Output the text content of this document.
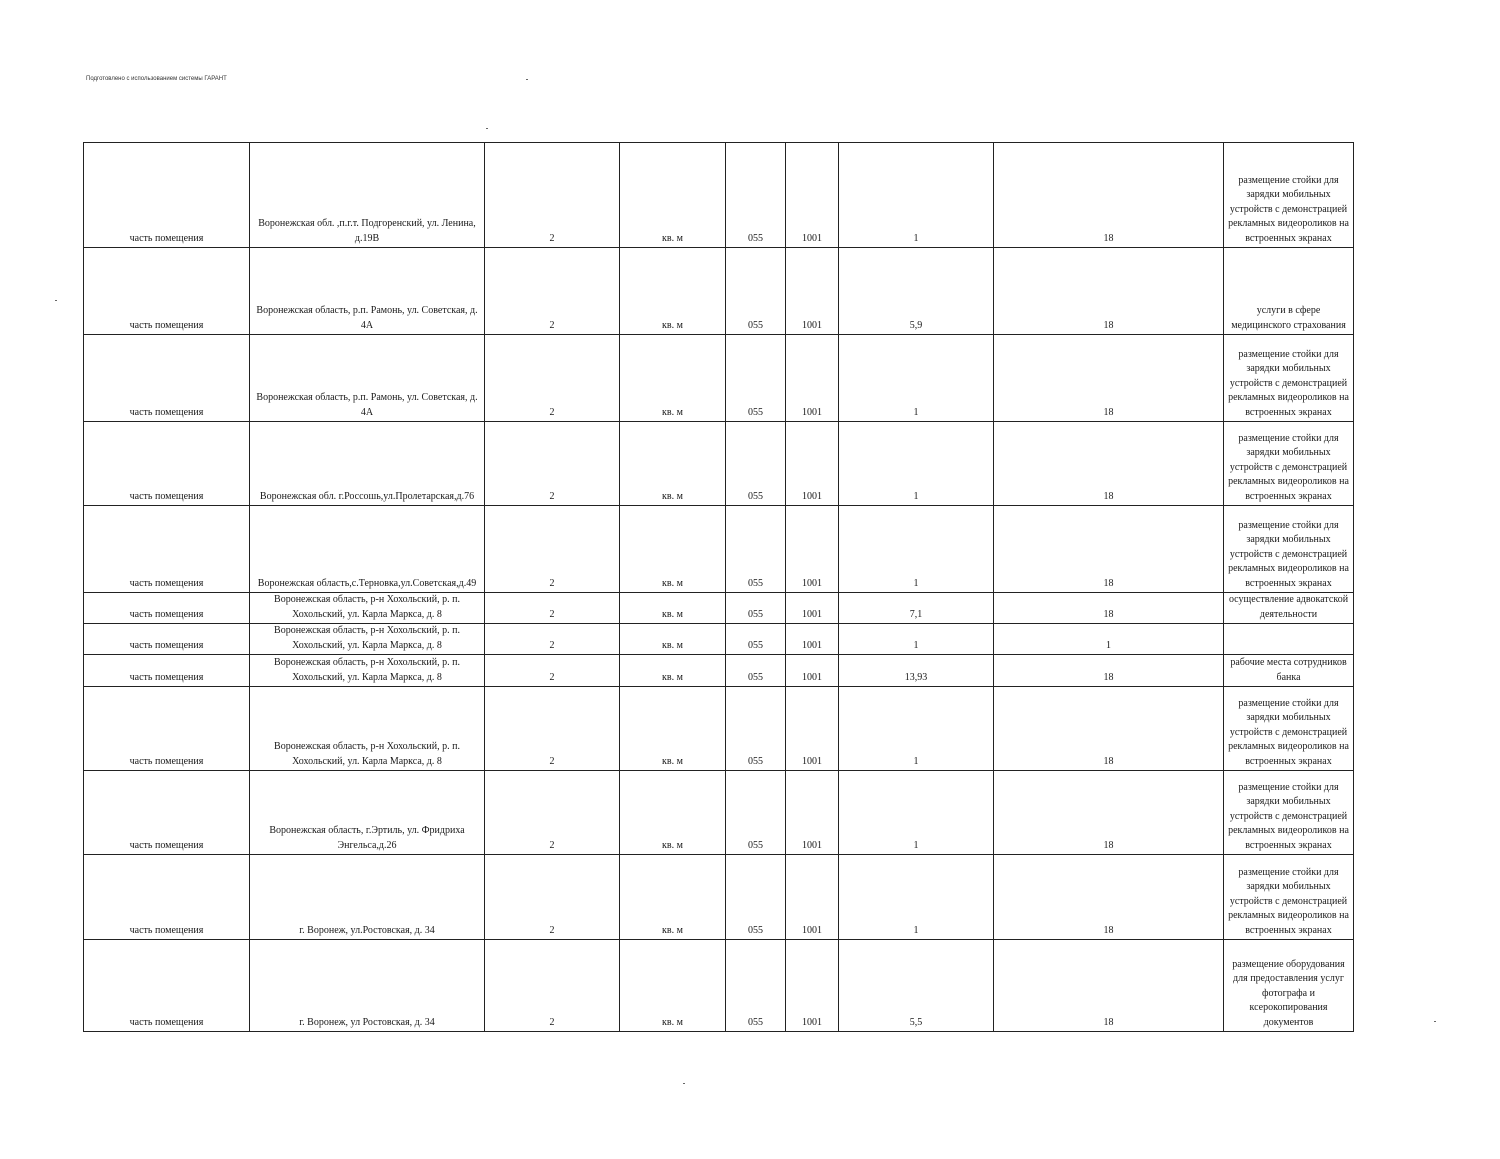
Подготовлено с использованием системы ГАРАНТ
часть помещения	Воронежская обл. ,п.г.т. Подгоренский, ул. Ленина, д.19В	2	кв. м	055	1001	1	18	размещение стойки для зарядки мобильных устройств с демонстрацией рекламных видеороликов на встроенных экранах
часть помещения	Воронежская область, р.п. Рамонь, ул. Советская, д. 4А	2	кв. м	055	1001	5,9	18	услуги в сфере медицинского страхования
часть помещения	Воронежская область, р.п. Рамонь, ул. Советская, д. 4А	2	кв. м	055	1001	1	18	размещение стойки для зарядки мобильных устройств с демонстрацией рекламных видеороликов на встроенных экранах
часть помещения	Воронежская обл. г.Россошь,ул.Пролетарская,д.76	2	кв. м	055	1001	1	18	размещение стойки для зарядки мобильных устройств с демонстрацией рекламных видеороликов на встроенных экранах
часть помещения	Воронежская область,с.Терновка,ул.Советская,д.49	2	кв. м	055	1001	1	18	размещение стойки для зарядки мобильных устройств с демонстрацией рекламных видеороликов на встроенных экранах
часть помещения	Воронежская область, р-н Хохольский, р. п. Хохольский, ул. Карла Маркса, д. 8	2	кв. м	055	1001	7,1	18	осуществление адвокатской деятельности
часть помещения	Воронежская область, р-н Хохольский, р. п. Хохольский, ул. Карла Маркса, д. 8	2	кв. м	055	1001	1	1	
часть помещения	Воронежская область, р-н Хохольский, р. п. Хохольский, ул. Карла Маркса, д. 8	2	кв. м	055	1001	13,93	18	рабочие места сотрудников банка
часть помещения	Воронежская область, р-н Хохольский, р. п. Хохольский, ул. Карла Маркса, д. 8	2	кв. м	055	1001	1	18	размещение стойки для зарядки мобильных устройств с демонстрацией рекламных видеороликов на встроенных экранах
часть помещения	Воронежская область, г.Эртиль, ул. Фридриха Энгельса,д.26	2	кв. м	055	1001	1	18	размещение стойки для зарядки мобильных устройств с демонстрацией рекламных видеороликов на встроенных экранах
часть помещения	г. Воронеж, ул.Ростовская, д. 34	2	кв. м	055	1001	1	18	размещение стойки для зарядки мобильных устройств с демонстрацией рекламных видеороликов на встроенных экранах
часть помещения	г. Воронеж, ул Ростовская, д. 34	2	кв. м	055	1001	5,5	18	размещение оборудования для предоставления услуг фотографа и ксерокопирования документов
